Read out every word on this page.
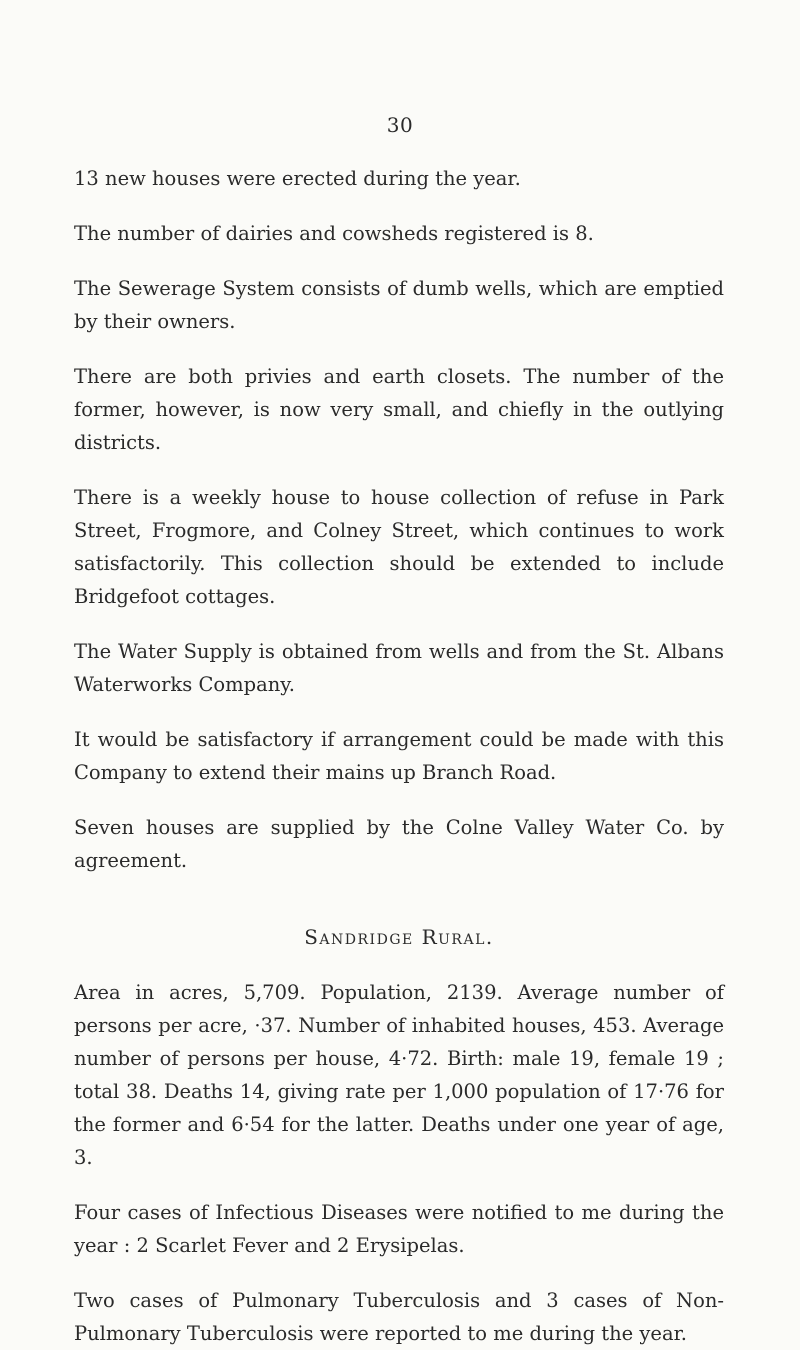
30

13 new houses were erected during the year.

The number of dairies and cowsheds registered is 8.

The Sewerage System consists of dumb wells, which are emptied by their owners.

There are both privies and earth closets. The number of the former, however, is now very small, and chiefly in the outlying districts.

There is a weekly house to house collection of refuse in Park Street, Frogmore, and Colney Street, which continues to work satisfactorily. This collection should be extended to include Bridgefoot cottages.

The Water Supply is obtained from wells and from the St. Albans Waterworks Company.

It would be satisfactory if arrangement could be made with this Company to extend their mains up Branch Road.

Seven houses are supplied by the Colne Valley Water Co. by agreement.

Sandridge Rural.

Area in acres, 5,709. Population, 2139. Average number of persons per acre, ·37. Number of inhabited houses, 453. Average number of persons per house, 4·72. Birth: male 19, female 19 ; total 38. Deaths 14, giving rate per 1,000 population of 17·76 for the former and 6·54 for the latter. Deaths under one year of age, 3.

Four cases of Infectious Diseases were notified to me during the year : 2 Scarlet Fever and 2 Erysipelas.

Two cases of Pulmonary Tuberculosis and 3 cases of Non-Pulmonary Tuberculosis were reported to me during the year.
